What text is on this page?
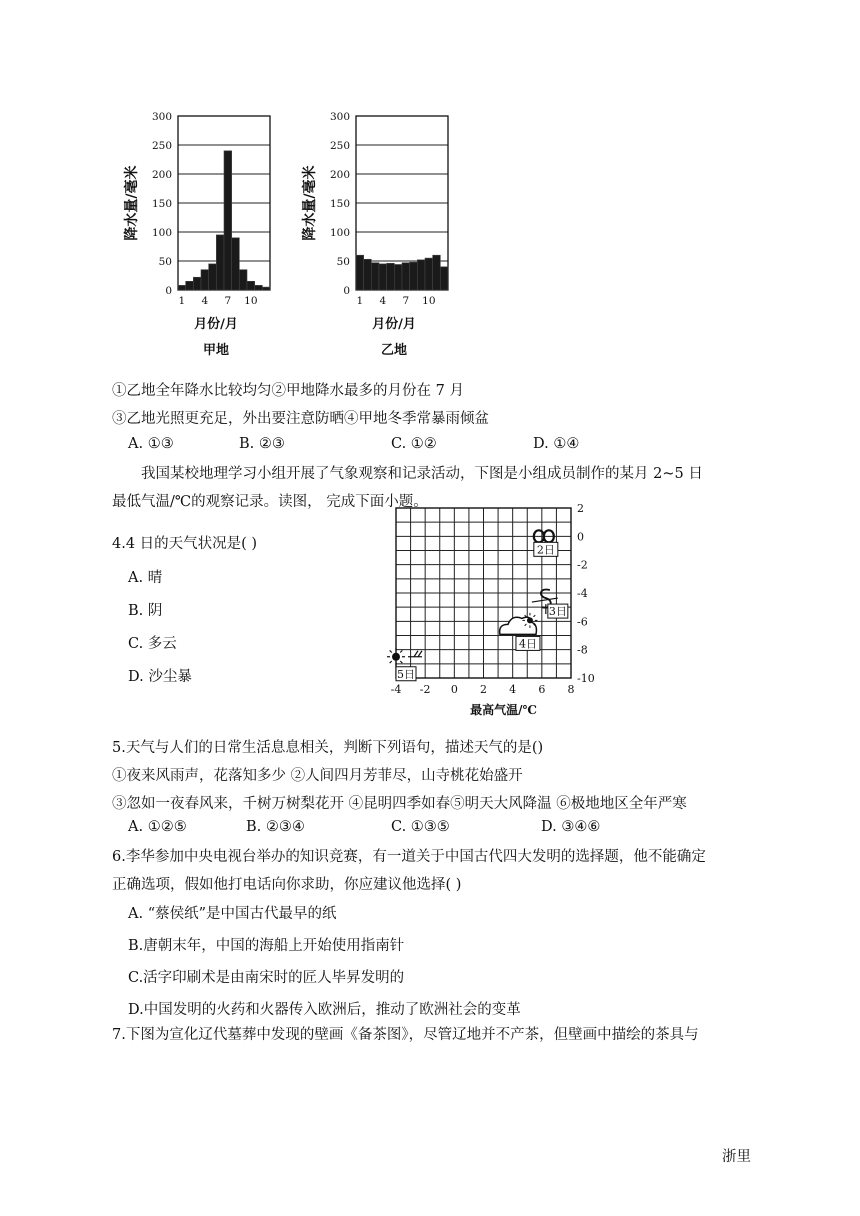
300
250
200
150
100
50
0
1 4 7 10
降水量/毫米
月份/月
甲地
300
250
200
150
100
50
0
1 4 7 10
降水量/毫米
月份/月
乙地
①乙地全年降水比较均匀②甲地降水最多的月份在 7 月
③乙地光照更充足，外出要注意防晒④甲地冬季常暴雨倾盆
A. ①③	B. ②③	C. ①②	D. ①④
我国某校地理学习小组开展了气象观察和记录活动，下图是小组成员制作的某月 2~5 日
最低气温/℃的观察记录。读图， 完成下面小题。
4.4 日的天气状况是( )
A. 晴
B. 阴
C. 多云
D. 沙尘暴
2
0
-2
-4
-6
-8
-10
-4 -2 0 2 4 6 8
最高气温/℃
2日
3日
4日
5日
5.天气与人们的日常生活息息相关，判断下列语句，描述天气的是()
①夜来风雨声，花落知多少 ②人间四月芳菲尽，山寺桃花始盛开
③忽如一夜春风来，千树万树梨花开 ④昆明四季如春⑤明天大风降温 ⑥极地地区全年严寒
A. ①②⑤	B. ②③④	C. ①③⑤	D. ③④⑥
6.李华参加中央电视台举办的知识竞赛，有一道关于中国古代四大发明的选择题，他不能确定
正确选项，假如他打电话向你求助，你应建议他选择( )
A. “蔡侯纸”是中国古代最早的纸
B.唐朝末年，中国的海船上开始使用指南针
C.活字印刷术是由南宋时的匠人毕昇发明的
D.中国发明的火药和火器传入欧洲后，推动了欧洲社会的变革
7.下图为宣化辽代墓葬中发现的壁画《备茶图》，尽管辽地并不产茶，但壁画中描绘的茶具与
浙里
